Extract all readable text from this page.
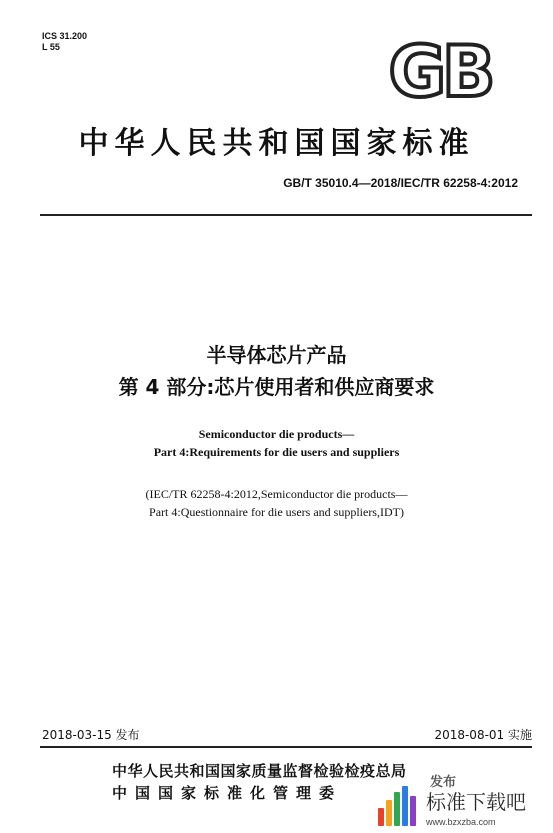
ICS 31.200
L 55	GB
中华人民共和国国家标准
GB/T 35010.4—2018/IEC/TR 62258-4:2012
半导体芯片产品
第 4 部分:芯片使用者和供应商要求
Semiconductor die products—
Part 4:Requirements for die users and suppliers
(IEC/TR 62258-4:2012,Semiconductor die products—
Part 4:Questionnaire for die users and suppliers,IDT)
2018-03-15 发布	2018-08-01 实施
中华人民共和国国家质量监督检验检疫总局
中国国家标准化管理委
发布
标准下载吧
www.bzxzba.com
